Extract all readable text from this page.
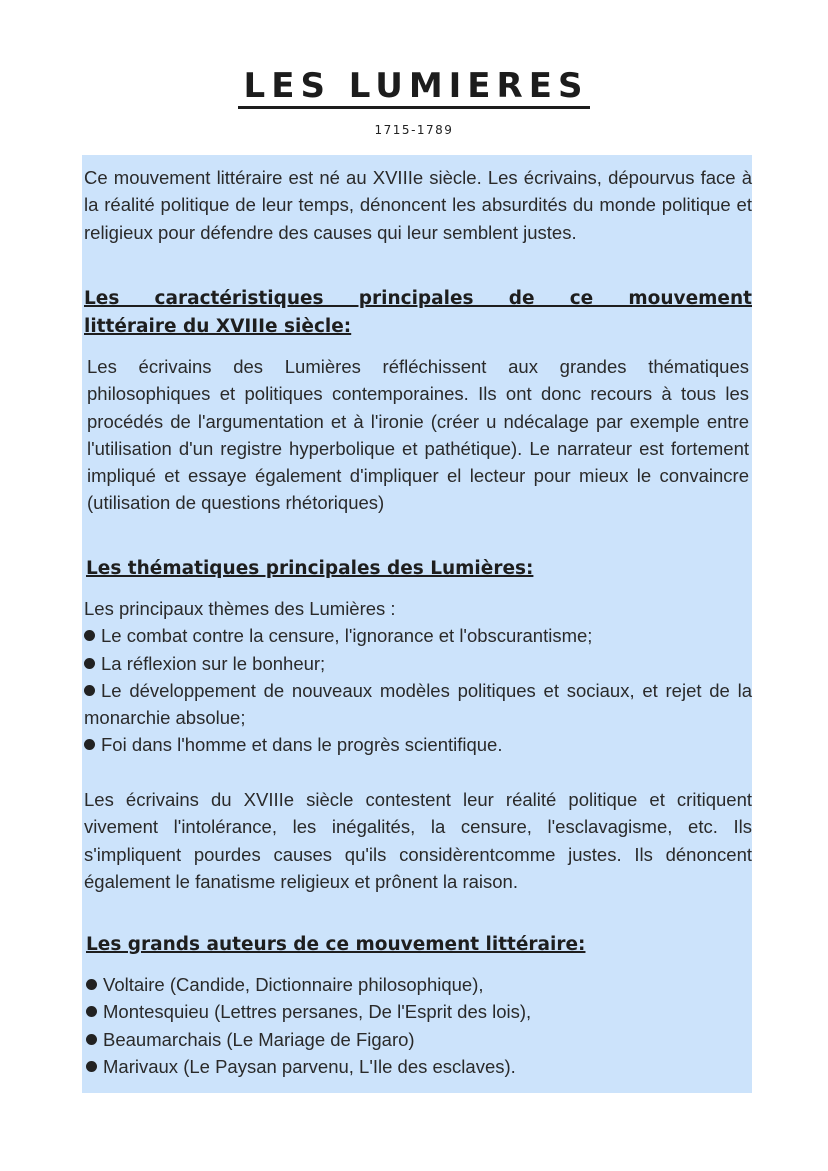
LES LUMIERES
1715-1789
Ce mouvement littéraire est né au XVIIIe siècle. Les écrivains, dépourvus face à la réalité politique de leur temps, dénoncent les absurdités du monde politique et religieux pour défendre des causes qui leur semblent justes.
Les caractéristiques principales de ce mouvement
littéraire du XVIIIe siècle:
Les écrivains des Lumières réfléchissent aux grandes thématiques philosophiques et politiques contemporaines. Ils ont donc recours à tous les procédés de l'argumentation et à l'ironie (créer u ndécalage par exemple entre l'utilisation d'un registre hyperbolique et pathétique). Le narrateur est fortement impliqué et essaye également d'impliquer el lecteur pour mieux le convaincre (utilisation de questions rhétoriques)
Les thématiques principales des Lumières:
Les principaux thèmes des Lumières :
Le combat contre la censure, l'ignorance et l'obscurantisme;
La réflexion sur le bonheur;
Le développement de nouveaux modèles politiques et sociaux, et rejet de la monarchie absolue;
Foi dans l'homme et dans le progrès scientifique.
Les écrivains du XVIIIe siècle contestent leur réalité politique et critiquent vivement l'intolérance, les inégalités, la censure, l'esclavagisme, etc. Ils s'impliquent pourdes causes qu'ils considèrentcomme justes. Ils dénoncent également le fanatisme religieux et prônent la raison.
Les grands auteurs de ce mouvement littéraire:
Voltaire (Candide, Dictionnaire philosophique),
Montesquieu (Lettres persanes, De l'Esprit des lois),
Beaumarchais (Le Mariage de Figaro)
Marivaux (Le Paysan parvenu, L'Ile des esclaves).
